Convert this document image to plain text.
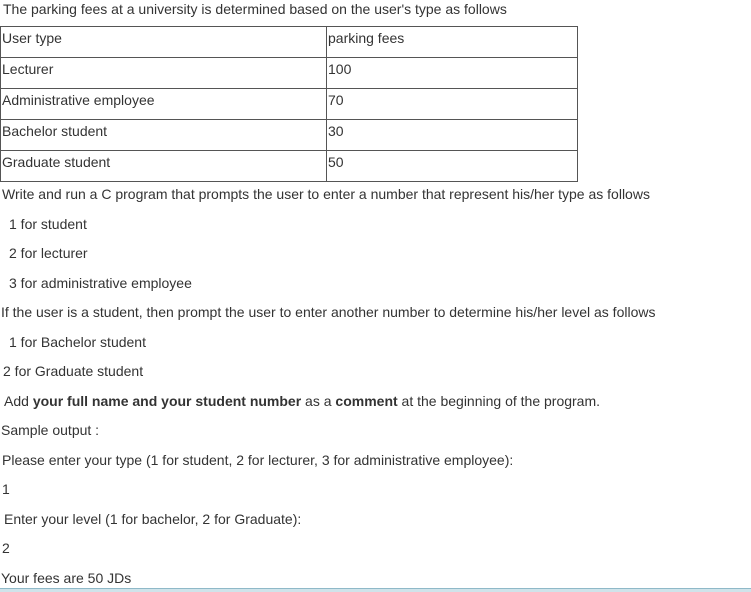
The parking fees at a university is determined based on the user's type as follows
User type	parking fees
Lecturer	100
Administrative employee	70
Bachelor student	30
Graduate student	50
Write and run a C program that prompts the user to enter a number that represent his/her type as follows
1 for student
2 for lecturer
3 for administrative employee
If the user is a student, then prompt the user to enter another number to determine his/her level as follows
1 for Bachelor student
2 for Graduate student
Add your full name and your student number as a comment at the beginning of the program.
Sample output :
Please enter your type (1 for student, 2 for lecturer, 3 for administrative employee):
1
Enter your level (1 for bachelor, 2 for Graduate):
2
Your fees are 50 JDs
